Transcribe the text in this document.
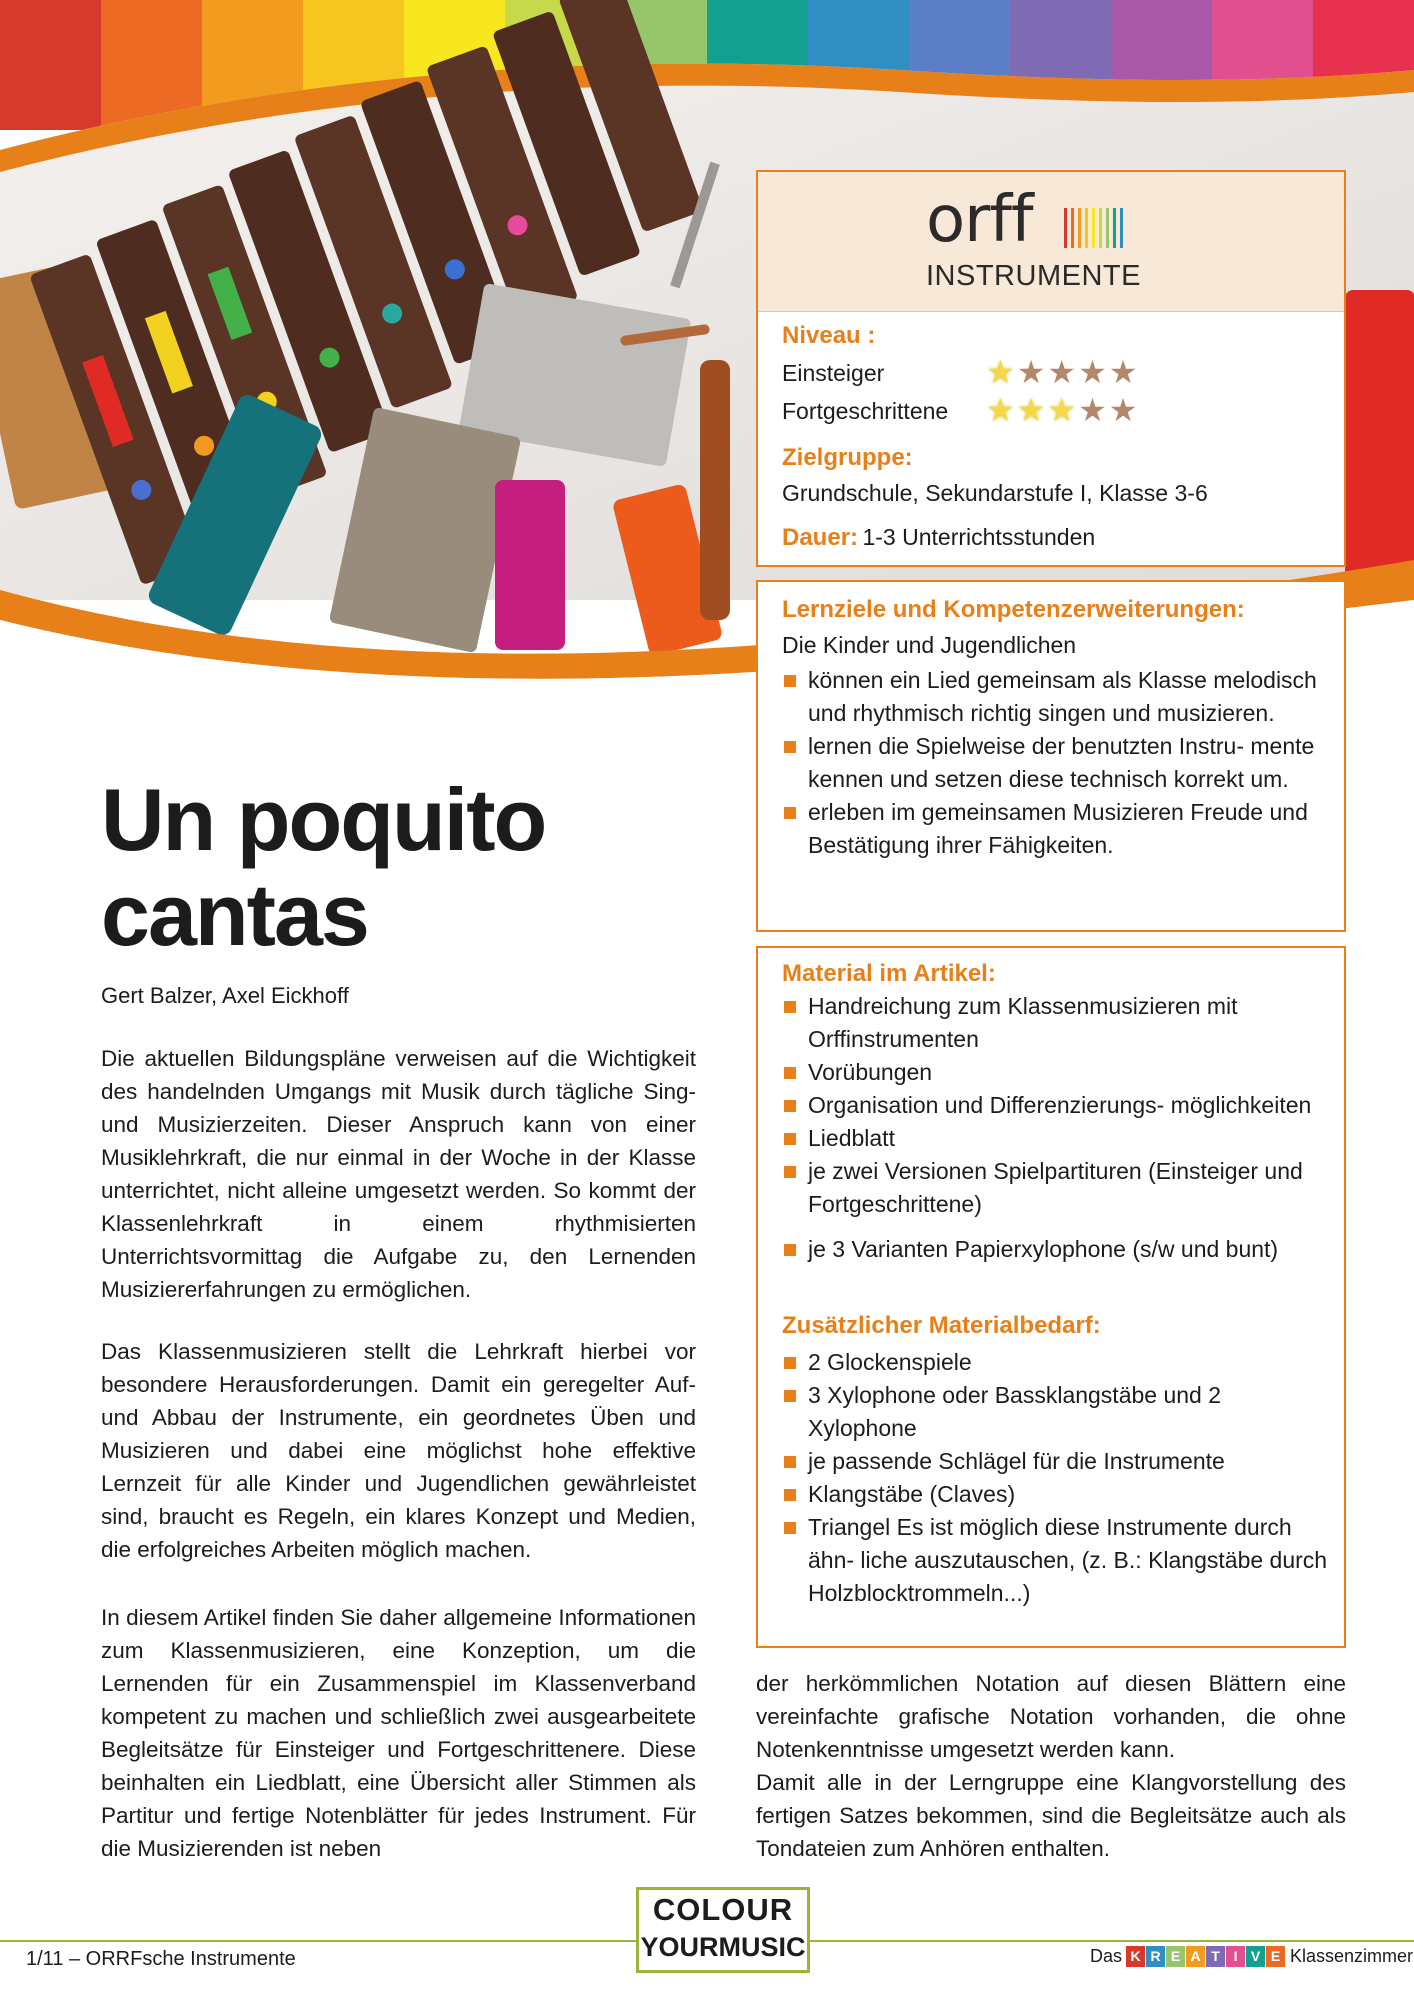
orff
INSTRUMENTE
Niveau :
Einsteiger	★ ★ ★ ★ ★
Fortgeschrittene ★ ★ ★ ★ ★
Zielgruppe:
Grundschule, Sekundarstufe I, Klasse 3-6
Dauer: 1-3 Unterrichtsstunden
Lernziele und Kompetenzerweiterungen:
Die Kinder und Jugendlichen
können ein Lied gemeinsam als Klasse melodisch und rhythmisch richtig singen und musizieren.
lernen die Spielweise der benutzten Instru- mente kennen und setzen diese technisch korrekt um.
erleben im gemeinsamen Musizieren Freude und Bestätigung ihrer Fähigkeiten.
Material im Artikel:
Handreichung zum Klassenmusizieren mit Orffinstrumenten
Vorübungen
Organisation und Differenzierungs- möglichkeiten
Liedblatt
je zwei Versionen Spielpartituren (Einsteiger und Fortgeschrittene)
je 3 Varianten Papierxylophone (s/w und bunt)
Zusätzlicher Materialbedarf:
2 Glockenspiele
3 Xylophone oder Bassklangstäbe und 2 Xylophone
je passende Schlägel für die Instrumente
Klangstäbe (Claves)
Triangel Es ist möglich diese Instrumente durch ähn- liche auszutauschen, (z. B.: Klangstäbe durch Holzblocktrommeln...)
Un poquito
cantas
Gert Balzer, Axel Eickhoff

Die aktuellen Bildungspläne verweisen auf die Wichtigkeit des handelnden Umgangs mit Musik durch tägliche Sing- und Musizierzeiten. Dieser Anspruch kann von einer Musiklehrkraft, die nur einmal in der Woche in der Klasse unterrichtet, nicht alleine umgesetzt werden. So kommt der Klassenlehrkraft in einem rhythmisierten Unterrichtsvormittag die Aufgabe zu, den Lernenden Musiziererfahrungen zu ermöglichen.

Das Klassenmusizieren stellt die Lehrkraft hierbei vor besondere Herausforderungen. Damit ein geregelter Auf- und Abbau der Instrumente, ein geordnetes Üben und Musizieren und dabei eine möglichst hohe effektive Lernzeit für alle Kinder und Jugendlichen gewährleistet sind, braucht es Regeln, ein klares Konzept und Medien, die erfolgreiches Arbeiten möglich machen.

In diesem Artikel finden Sie daher allgemeine Informationen zum Klassenmusizieren, eine Konzeption, um die Lernenden für ein Zusammenspiel im Klassenverband kompetent zu machen und schließlich zwei ausgearbeitete Begleitsätze für Einsteiger und Fortgeschrittenere. Diese beinhalten ein Liedblatt, eine Übersicht aller Stimmen als Partitur und fertige Notenblätter für jedes Instrument. Für die Musizierenden ist neben

der herkömmlichen Notation auf diesen Blättern eine vereinfachte grafische Notation vorhanden, die ohne Notenkenntnisse umgesetzt werden kann.

Damit alle in der Lerngruppe eine Klangvorstellung des fertigen Satzes bekommen, sind die Begleitsätze auch als Tondateien zum Anhören enthalten.

1/11 – ORRFsche Instrumente
COLOUR
YOURMUSIC	Das K R E A T I V E Klassenzimmer
